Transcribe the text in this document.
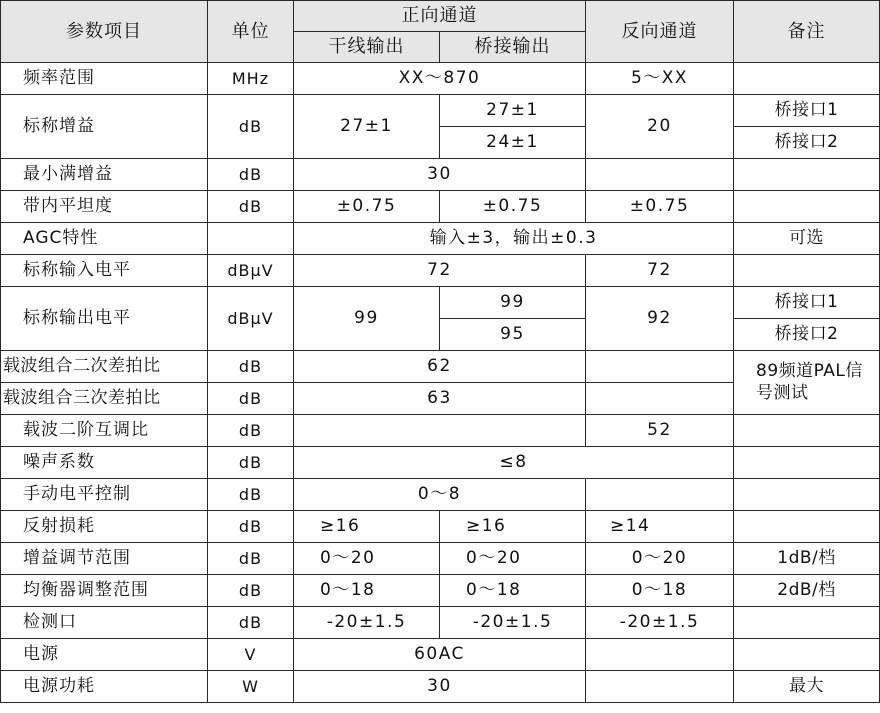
参数项目	单位	正向通道		反向通道	备注
		干线输出	桥接输出		
频率范围	MHz	XX～870		5～XX	
标称增益	dB	27±1	27±1	20	桥接口1
			24±1		桥接口2
最小满增益	dB	30			
带内平坦度	dB	±0.75	±0.75	±0.75	
AGC特性		输入±3，输出±0.3			可选
标称输入电平	dBμV	72		72	
标称输出电平	dBμV	99	99	92	桥接口1
			95		桥接口2
载波组合二次差拍比	dB	62			89频道PAL信号测试
载波组合三次差拍比	dB	63			
载波二阶互调比	dB			52	
噪声系数	dB	≤8			
手动电平控制	dB	0～8			
反射损耗	dB	≥16	≥16	≥14	
增益调节范围	dB	0～20	0～20	0～20	1dB/档
均衡器调整范围	dB	0～18	0～18	0～18	2dB/档
检测口	dB	-20±1.5	-20±1.5	-20±1.5	
电源	V	60AC			
电源功耗	W	30			最大
